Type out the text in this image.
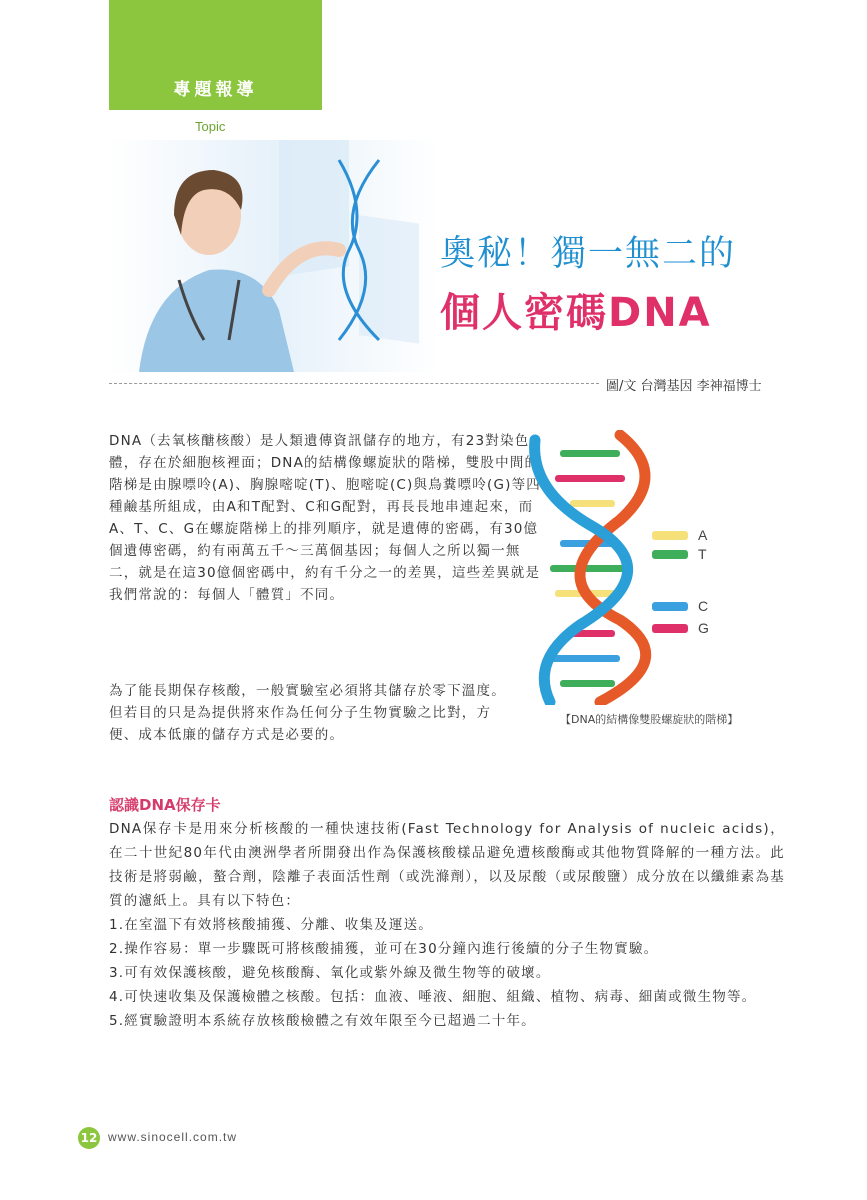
專題報導
Topic
奧秘！獨一無二的
個人密碼DNA
圖/文 台灣基因 李神福博士
DNA（去氧核醣核酸）是人類遺傳資訊儲存的地方，有23對染色體，存在於細胞核裡面；DNA的結構像螺旋狀的階梯，雙股中間的階梯是由腺嘌呤(A)、胸腺嘧啶(T)、胞嘧啶(C)與鳥糞嘌呤(G)等四種鹼基所組成，由A和T配對、C和G配對，再長長地串連起來，而A、T、C、G在螺旋階梯上的排列順序，就是遺傳的密碼，有30億個遺傳密碼，約有兩萬五千～三萬個基因；每個人之所以獨一無二，就是在這30億個密碼中，約有千分之一的差異，這些差異就是我們常說的：每個人「體質」不同。
為了能長期保存核酸，一般實驗室必須將其儲存於零下溫度。但若目的只是為提供將來作為任何分子生物實驗之比對，方便、成本低廉的儲存方式是必要的。
A
T
C
G
【DNA的結構像雙股螺旋狀的階梯】
認識DNA保存卡
DNA保存卡是用來分析核酸的一種快速技術(Fast Technology for Analysis of nucleic acids)，在二十世紀80年代由澳洲學者所開發出作為保護核酸樣品避免遭核酸酶或其他物質降解的一種方法。此技術是將弱鹼，螯合劑，陰離子表面活性劑（或洗滌劑），以及尿酸（或尿酸鹽）成分放在以纖維素為基質的濾紙上。具有以下特色：
1.在室溫下有效將核酸捕獲、分離、收集及運送。
2.操作容易：單一步驟既可將核酸捕獲，並可在30分鐘內進行後續的分子生物實驗。
3.可有效保護核酸，避免核酸酶、氧化或紫外線及微生物等的破壞。
4.可快速收集及保護檢體之核酸。包括：血液、唾液、細胞、組織、植物、病毒、細菌或微生物等。
5.經實驗證明本系統存放核酸檢體之有效年限至今已超過二十年。
12 www.sinocell.com.tw
